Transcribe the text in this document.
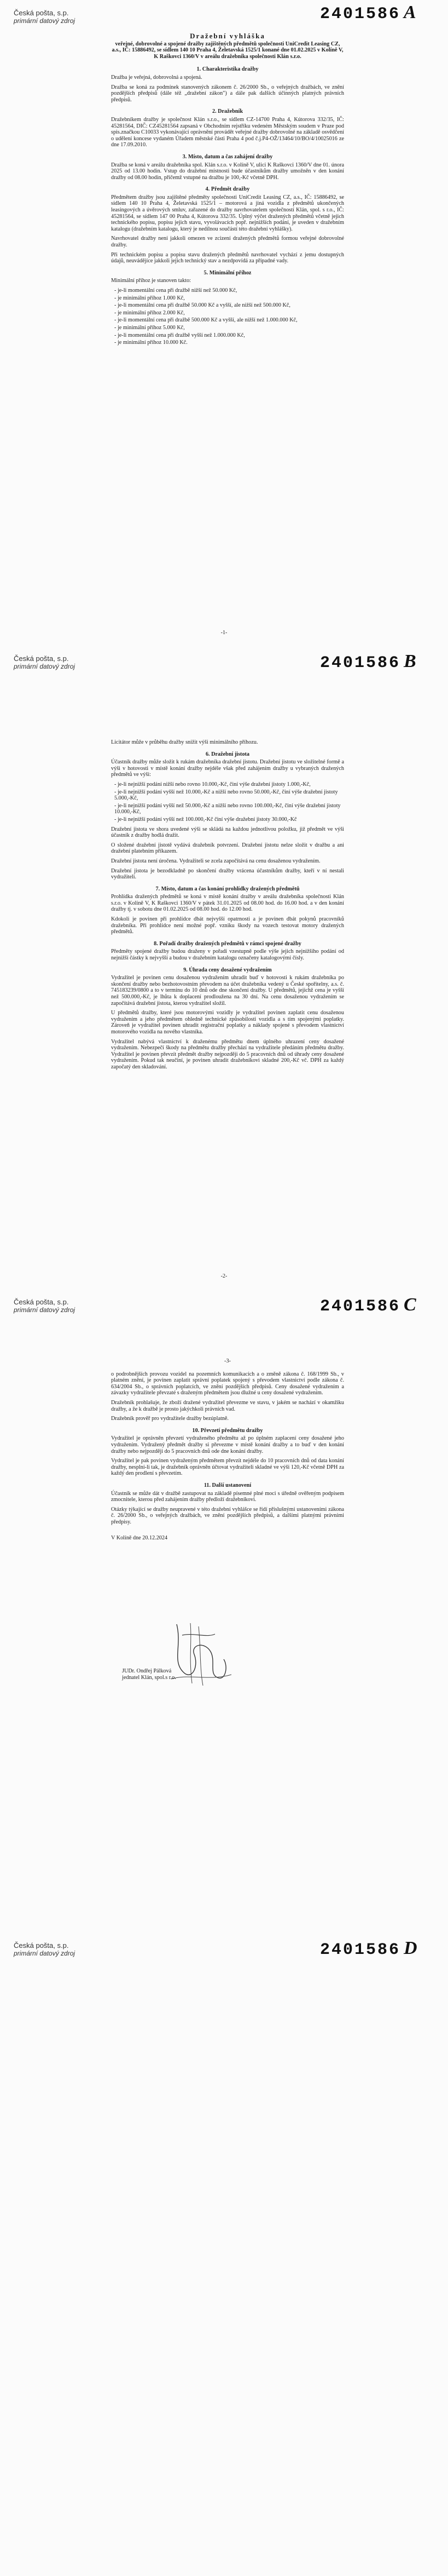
Česká pošta, s.p.
primární datový zdroj	2401586 A
Dražební vyhláška
veřejné, dobrovolné a spojené dražby zajištěných předmětů společnosti UniCredit Leasing CZ, a.s., IČ: 15886492, se sídlem 140 10 Praha 4, Želetavská 1525/1 konané dne 01.02.2025 v Kolíně V, K Raškovci 1360/V v areálu dražebníka společnosti Klán s.r.o.
1. Charakteristika dražby
Dražba je veřejná, dobrovolná a spojená.
Dražba se koná za podmínek stanovených zákonem č. 26/2000 Sb., o veřejných dražbách, ve znění pozdějších předpisů (dále též „dražební zákon") a dále pak dalších účinných platných právních předpisů.
2. Dražebník
Dražebníkem dražby je společnost Klán s.r.o., se sídlem CZ-14700 Praha 4, Kútorova 332/35, IČ: 45281564, DIČ: CZ45281564 zapsaná v Obchodním rejstříku vedeném Městským soudem v Praze pod spis.značkou C10033 vykonávající oprávnění provádět veřejné dražby dobrovolné na základě osvědčení o udělení koncese vydaném Úřadem městské části Praha 4 pod č.j.P4-OŽ/13464/10/BO/4/10025016 ze dne 17.09.2010.
3. Místo, datum a čas zahájení dražby
Dražba se koná v areálu dražebníka spol. Klán s.r.o. v Kolíně V, ulici K Raškovci 1360/V dne 01. února 2025 od 13.00 hodin. Vstup do dražební místnosti bude účastníkům dražby umožněn v den konání dražby od 08.00 hodin, přičemž vstupné na dražbu je 100,-Kč včetně DPH.
4. Předmět dražby
Předmětem dražby jsou zajištěné předměty společnosti UniCredit Leasing CZ, a.s., IČ: 15886492, se sídlem 140 10 Praha 4, Želetavská 1525/1 – motorová a jiná vozidla z předmětů ukončených leasingových a úvěrových smluv, zařazené do dražby navrhovatelem společností Klán, spol. s r.o., IČ: 45281564, se sídlem 147 00 Praha 4, Kútorova 332/35. Úplný výčet dražených předmětů včetně jejich technického popisu, popisu jejich stavu, vyvolávacích popř. nejnižších podání, je uveden v dražebním katalogu (dražebním katalogu, který je nedílnou součástí této dražební vyhlášky).
Navrhovatel dražby není jakkoli omezen ve zcizení dražených předmětů formou veřejné dobrovolné dražby.
Při technickém popisu a popisu stavu dražených předmětů navrhovatel vychází z jemu dostupných údajů, neuvádějíce jakkoli jejich technický stav a nezdpovídá za případné vady.
5. Minimální příhoz
Minimální příhoz je stanoven takto:
- je-li momentální cena při dražbě nižší než 50.000 Kč,
- je minimální příhoz 1.000 Kč,
- je-li momentální cena při dražbě 50.000 Kč a vyšší, ale nižší než 500.000 Kč,
- je minimální příhoz 2.000 Kč,
- je-li momentální cena při dražbě 500.000 Kč a vyšší, ale nižší než 1.000.000 Kč,
- je minimální příhoz 5.000 Kč,
- je-li momentální cena při dražbě vyšší než 1.000.000 Kč,
- je minimální příhoz 10.000 Kč.
-1-
Česká pošta, s.p.
primární datový zdroj	2401586 B
Licitátor může v průběhu dražby snížit výši minimálního příhozu.
6. Dražební jistota
Účastník dražby může složit k rukám dražebníka dražební jistotu. Dražební jistotu ve složitelné formě a výši v hotovosti v místě konání dražby nejdéle však před zahájením dražby u vybraných dražených předmětů ve výši:
- je-li nejnižší podání nižší nebo rovno 10.000,-Kč, činí výše dražební jistoty 1.000,-Kč,
- je-li nejnižší podání vyšší než 10.000,-Kč a nižší nebo rovno 50.000,-Kč, činí výše dražební jistoty 5.000,-Kč,
- je-li nejnižší podání vyšší než 50.000,-Kč a nižší nebo rovno 100.000,-Kč, činí výše dražební jistoty 10.000,-Kč,
- je-li nejnižší podání vyšší než 100.000,-Kč činí výše dražební jistoty 30.000,-Kč
Dražební jistota ve shora uvedené výši se skládá na každou jednotlivou položku, již předmět ve výši účastník z dražby hodlá dražit.
O složené dražební jistotě vydává dražebník potvrzení. Dražební jistotu nelze složit v dražbu a ani dražební platebním příkazem.
Dražební jistota není úročena. Vydražiteli se zcela započítává na cenu dosaženou vydražením.
Dražební jistota je bezodkladně po skončení dražby vrácena účastníkům dražby, kteří v ní nestali vydražiteli.
7. Místo, datum a čas konání prohlídky dražených předmětů
Prohlídka dražených předmětů se koná v místě konání dražby v areálu dražebníka společnosti Klán s.r.o. v Kolíně V, K Raškovci 1360/V v pátek 31.01.2025 od 08.00 hod. do 16.00 hod. a v den konání dražby tj. v sobotu dne 01.02.2025 od 08.00 hod. do 12.00 hod.
Kdokoli je povinen při prohlídce dbát nejvyšší opatrnosti a je povinen dbát pokynů pracovníků dražebníka. Při prohlídce není možné popř. vzniku škody na vozech testovat motory dražených předmětů.
8. Pořadí dražby dražených předmětů v rámci spojené dražby
Předměty spojené dražby budou draženy v pořadí vzestupně podle výše jejich nejnižšího podání od nejnižší částky k nejvyšší a budou v dražebním katalogu označeny katalogovými čísly.
9. Úhrada ceny dosažené vydražením
Vydražitel je povinen cenu dosaženou vydražením uhradit buď v hotovosti k rukám dražebníka po skončení dražby nebo bezhotovostním převodem na účet dražebníka vedený u České spořitelny, a.s. č. 745183239/0800 a to v termínu do 10 dnů ode dne skončení dražby. U předmětů, jejichž cena je vyšší než 500.000,-Kč, je lhůta k doplacení prodloužena na 30 dní. Na cenu dosaženou vydražením se započítává dražební jistota, kterou vydražitel složil.
U předmětů dražby, které jsou motorovými vozidly je vydražitel povinen zaplatit cenu dosaženou vydražením a jeho předmětem ohledně technické způsobilosti vozidla a s tím spojenými poplatky. Zároveň je vydražitel povinen uhradit registrační poplatky a náklady spojené s převodem vlastnictví motorového vozidla na nového vlastníka.
Vydražitel nabývá vlastnictví k draženému předmětu dnem úplného uhrazení ceny dosažené vydražením. Nebezpečí škody na předmětu dražby přechází na vydražitele předáním předmětu dražby. Vydražitel je povinen převzít předmět dražby nejpozději do 5 pracovních dnů od úhrady ceny dosažené vydražením. Pokud tak neučiní, je povinen uhradit dražebníkovi skladné 200,-Kč vč. DPH za každý započatý den skladování.
-2-
Česká pošta, s.p.
primární datový zdroj	2401586 C
-3-
o podrobnějších provozu vozidel na pozemních komunikacích a o změně zákona č. 168/1999 Sb., v platném znění, je povinen zaplatit správní poplatek spojený s převodem vlastnictví podle zákona č. 634/2004 Sb., o správních poplatcích, ve znění pozdějších předpisů. Ceny dosažené vydražením a závazky vydražitele převzaté s draženým předmětem jsou dlužné u ceny dosažené vydražením.
Dražebník prohlašuje, že zboží dražené vydražitel převezme ve stavu, v jakém se nachází v okamžiku dražby, a že k dražbě je prosto jakýchkoli právních vad.
Dražebník prověř pro vydražitele dražby bezúplatně.
10. Převzetí předmětu dražby
Vydražitel je oprávněn převzetí vydraženého předmětu až po úplném zaplacení ceny dosažené jeho vydražením. Vydražený předmět dražby si převezme v místě konání dražby a to buď v den konání dražby nebo nejpozději do 5 pracovních dnů ode dne konání dražby.
Vydražitel je pak povinen vydraženým předmětem převzít nejdéle do 10 pracovních dnů od data konání dražby, nesplní-li tak, je dražebník oprávněn účtovat vydražiteli skladné ve výši 120,-Kč včetně DPH za každý den prodlení s převzetím.
11. Další ustanovení
Účastník se může dát v dražbě zastupovat na základě písemné plné moci s úředně ověřeným podpisem zmocnitele, kterou před zahájením dražby předloží dražebníkovi.
Otázky týkající se dražby neupravené v této dražební vyhlášce se řídí příslušnými ustanoveními zákona č. 26/2000 Sb., o veřejných dražbách, ve znění pozdějších předpisů, a dalšími platnými právními předpisy.
V Kolíně dne 20.12.2024
JUDr. Ondřej Pálková
jednatel Klán, spol.s r.o.
Česká pošta, s.p.
primární datový zdroj	2401586 D
